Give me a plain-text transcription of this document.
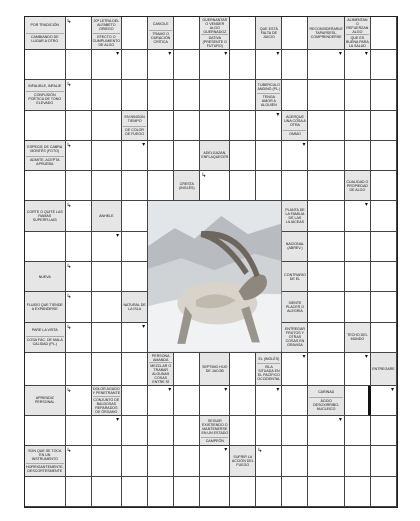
POR TRADICIÓN
CAMBIANDO DE LUGAR A OTRO
↳	20ª LETRA DEL ALFABETO GRIEGO
EFECTO O CUMPLIMIENTO DE ALGO
CANCILE
TRAMO O DURACIÓN CRÍTICA
GUERNANTAR O VENDER ALGO GUERNADOZ
DATIVA (PRESENTE O FUTURO)
QUE ESTÁ FALTA DE JUICIO
RECONSIDERARLE TAPARSESL. COMPRENDERSE
ALIMENTAN O REFUERZAN ALGO
QUE ES BUENA PARA LA SALUD
▾	▾	▾	▾	▾	▾
INFALIBLE, INFALIE
CONFUSIÓN POÉTICA DE TONO ELEVADO
↳	TUBERCULO ANDINO (PL.)
TENGA AMOR A ALGUIEN
EN NINGÚN TIEMPO
DE COLOR DE FUEGO
▾	ACERQUE UNA COSA A OTRA
OMMO
ESPECIE DE CABRA MONTÉS (FOTO)
ADMITE, ACEPTA APRUEBA
↳	▾
ADELGAZAN, ENFLAQUECER
▾
CRESTA (INGLÉS)
↳
CUALIDAD O PROPIEDAD DE ALGO
CORTE O QUITE LAS RAMAS SUPERFLUAS
↳
ANHELE
PLANTA DE LA FAMILIA DE LAS LILIÁCEAS
▾
▾
NACIONAL (ABREV.)
NUEVA
↳
CONTRARIO DE EL
FLUIDO QUE TIENDE A EXPANDIRSE
↳
NATURAL DE LA ISLA
SIENTE PLACER O ALEGRÍA
PARE LA VISTA
COSA FÁC. DE MALA CALIDAD (PL.)
↳	▾	ENTREGAR FRUTOS Y OTRAS COSAS EN GRAVISA
TECHO DEL MUNDO
PERSONA AMANDA
MEZCLAR O TRABAR ALGUNAS COSAS ENTRE SÍ
SEPTIMO HIJO DE JACOB
EL (INGLÉS)
ISLA SITUADA EN EL PACÍFICO OCCIDENTAL
▾	▾
ENTREGARE
APRENDIZ PERSONAL
↳	DOLOR AGUDO Y PENETRANTE
CONJUNTO DE BALDOSAS REPARADOS DE ÓRGANO
▾	▾	▾	CARINAD
ÁCIDO DESOXIRRIBO-NUCLEICO
▾
▾	SEGUIR EXISTIENDO O MANTENERSE EN UN ESTADO
CAMPEÓN
▾
SON QUE SE TOCA EN UN INSTRUMENTO
HORRIGANTEMENTE, DESCORTESMENTE
↳	▾
SUFRIR LA ACCIÓN DEL FUEGO
↳
